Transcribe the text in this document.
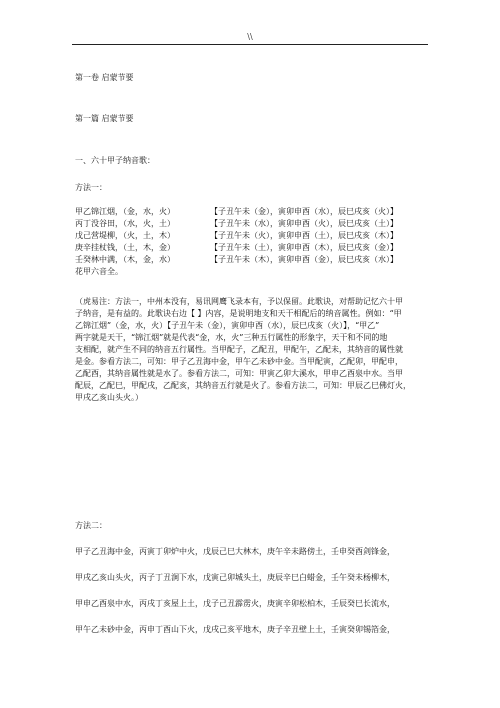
\\
第一卷 启蒙节要
第一篇 启蒙节要
一、六十甲子纳音歌：
方法一：
甲乙锦江烟，（金，水，火）	【子丑午未（金），寅卯申酉（水），辰巳戌亥（火）】
丙丁没谷田，（水，火，土）	【子丑午未（水），寅卯申酉（火），辰巳戌亥（土）】
戊己营堤柳，（火，土，木）	【子丑午未（火），寅卯申酉（土），辰巳戌亥（木）】
庚辛挂杖钱，（土，木，金）	【子丑午未（土），寅卯申酉（木），辰巳戌亥（金）】
壬癸林中满，（木，金，水）	【子丑午未（木），寅卯申酉（金），辰巳戌亥（水）】
花甲六音全。

（虎易注：方法一，中州本没有，易讯网鹰飞录本有，予以保留。此歌诀，对帮助记忆六十甲

子纳音，是有益的。此歌诀右边【 】内容，是说明地支和天干相配后的纳音属性。例如：“甲

乙锦江烟”（金，水，火）【子丑午未（金），寅卯申酉（水），辰巳戌亥（火）】，“甲乙”

两字就是天干，“锦江烟”就是代表“金，水，火”三种五行属性的形象字，天干和不同的地

支相配，就产生不同的纳音五行属性。当甲配子，乙配丑，甲配午，乙配未，其纳音的属性就

是金。参看方法二，可知：甲子乙丑海中金，甲午乙未砂中金。当甲配寅，乙配卯，甲配申，

乙配酉，其纳音属性就是水了。参看方法二，可知：甲寅乙卯大溪水，甲申乙酉泉中水。当甲

配辰，乙配巳，甲配戌，乙配亥，其纳音五行就是火了。参看方法二，可知：甲辰乙巳佛灯火，

甲戌乙亥山头火。）

方法二：
甲子乙丑海中金，丙寅丁卯炉中火，戊辰己巳大林木，庚午辛未路傍土，壬申癸酉剑锋金，
甲戌乙亥山头火，丙子丁丑涧下水，戊寅己卯城头土，庚辰辛巳白蜡金，壬午癸未杨柳木，
甲申乙酉泉中水，丙戌丁亥屋上土，戊子己丑霹雳火，庚寅辛卯松柏木，壬辰癸巳长流水，
甲午乙未砂中金，丙申丁酉山下火，戊戌己亥平地木，庚子辛丑壁上土，壬寅癸卯锡箔金，
